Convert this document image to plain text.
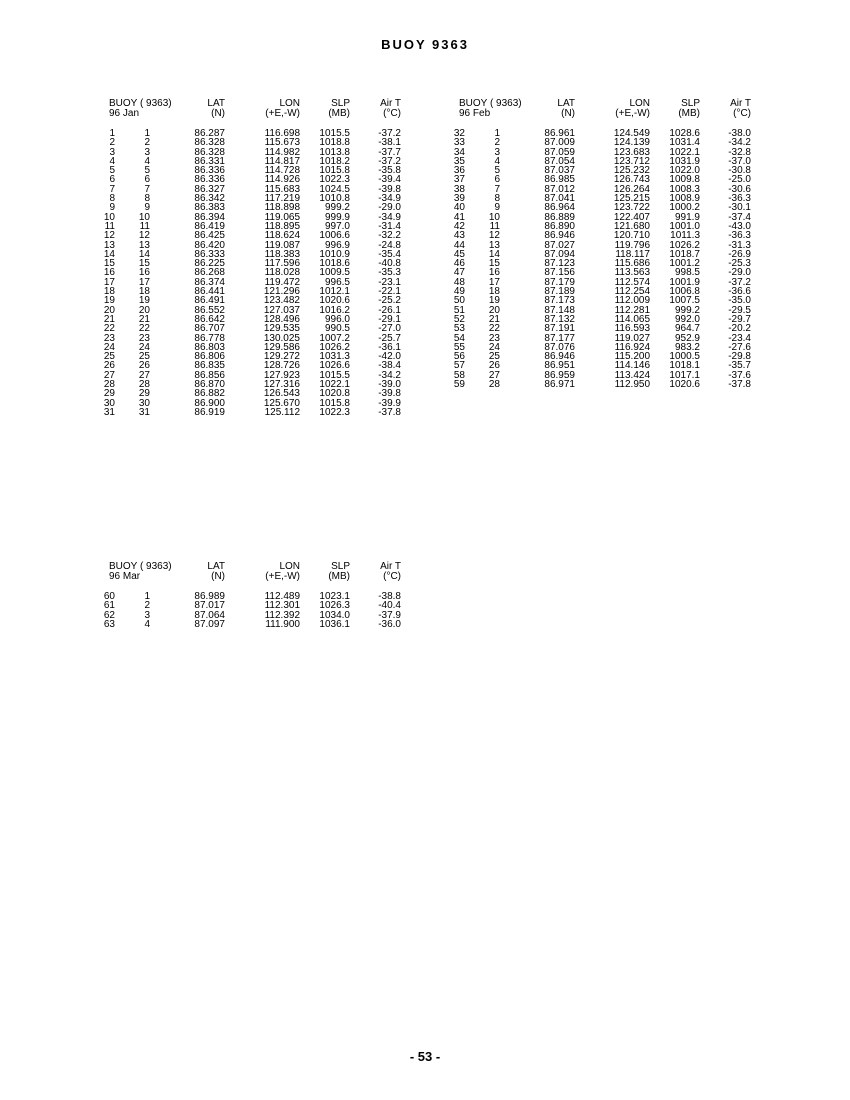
BUOY 9363
BUOY ( 9363)	LAT	LON	SLP	Air T
96 Jan	(N)	(+E,-W)	(MB)	(°C)
1	1	86.287	116.698 1015.5	-37.2
2	2	86.328	115.673 1018.8	-38.1
3	3	86.328	114.982 1013.8	-37.7
4	4	86.331	114.817 1018.2	-37.2
5	5	86.336	114.728 1015.8	-35.8
6	6	86.336	114.926 1022.3	-39.4
7	7	86.327	115.683 1024.5	-39.8
8	8	86.342	117.219 1010.8	-34.9
9	9	86.383	118.898 999.2	-29.0
10 10	86.394	119.065 999.9	-34.9
11 11	86.419	118.895 997.0	-31.4
12 12	86.425	118.624 1006.6	-32.2
13 13	86.420	119.087 996.9	-24.8
14 14	86.333	118.383 1010.9	-35.4
15 15	86.225	117.596 1018.6	-40.8
16 16	86.268	118.028 1009.5	-35.3
17 17	86.374	119.472 996.5	-23.1
18 18	86.441	121.296 1012.1	-22.1
19 19	86.491	123.482 1020.6	-25.2
20 20	86.552	127.037 1016.2	-26.1
21 21	86.642	128.496 996.0	-29.1
22 22	86.707	129.535 990.5	-27.0
23 23	86.778	130.025 1007.2	-25.7
24 24	86.803	129.586 1026.2	-36.1
25 25	86.806	129.272 1031.3	-42.0
26 26	86.835	128.726 1026.6	-38.4
27 27	86.856	127.923 1015.5	-34.2
28 28	86.870	127.316 1022.1	-39.0
29 29	86.882	126.543 1020.8	-39.8
30 30	86.900	125.670 1015.8	-39.9
31 31	86.919	125.112 1022.3	-37.8
BUOY ( 9363)	LAT	LON	SLP	Air T
96 Feb	(N)	(+E,-W)	(MB)	(°C)
32	1	86.961	124.549 1028.6	-38.0
33	2	87.009	124.139 1031.4	-34.2
34	3	87.059	123.683 1022.1	-32.8
35	4	87.054	123.712 1031.9	-37.0
36	5	87.037	125.232 1022.0	-30.8
37	6	86.985	126.743 1009.8	-25.0
38	7	87.012	126.264 1008.3	-30.6
39	8	87.041	125.215 1008.9	-36.3
40	9	86.964	123.722 1000.2	-30.1
41 10	86.889	122.407 991.9	-37.4
42 11	86.890	121.680 1001.0	-43.0
43 12	86.946	120.710 1011.3	-36.3
44 13	87.027	119.796 1026.2	-31.3
45 14	87.094	118.117 1018.7	-26.9
46 15	87.123	115.686 1001.2	-25.3
47 16	87.156	113.563 998.5	-29.0
48 17	87.179	112.574 1001.9	-37.2
49 18	87.189	112.254 1006.8	-36.6
50 19	87.173	112.009 1007.5	-35.0
51 20	87.148	112.281 999.2	-29.5
52 21	87.132	114.065 992.0	-29.7
53 22	87.191	116.593 964.7	-20.2
54 23	87.177	119.027 952.9	-23.4
55 24	87.076	116.924 983.2	-27.6
56 25	86.946	115.200 1000.5	-29.8
57 26	86.951	114.146 1018.1	-35.7
58 27	86.959	113.424 1017.1	-37.6
59 28	86.971	112.950 1020.6	-37.8
BUOY ( 9363)	LAT	LON	SLP	Air T
96 Mar	(N)	(+E,-W)	(MB)	(°C)
60	1	86.989	112.489 1023.1	-38.8
61	2	87.017	112.301 1026.3	-40.4
62	3	87.064	112.392 1034.0	-37.9
63	4	87.097	111.900 1036.1	-36.0
- 53 -
